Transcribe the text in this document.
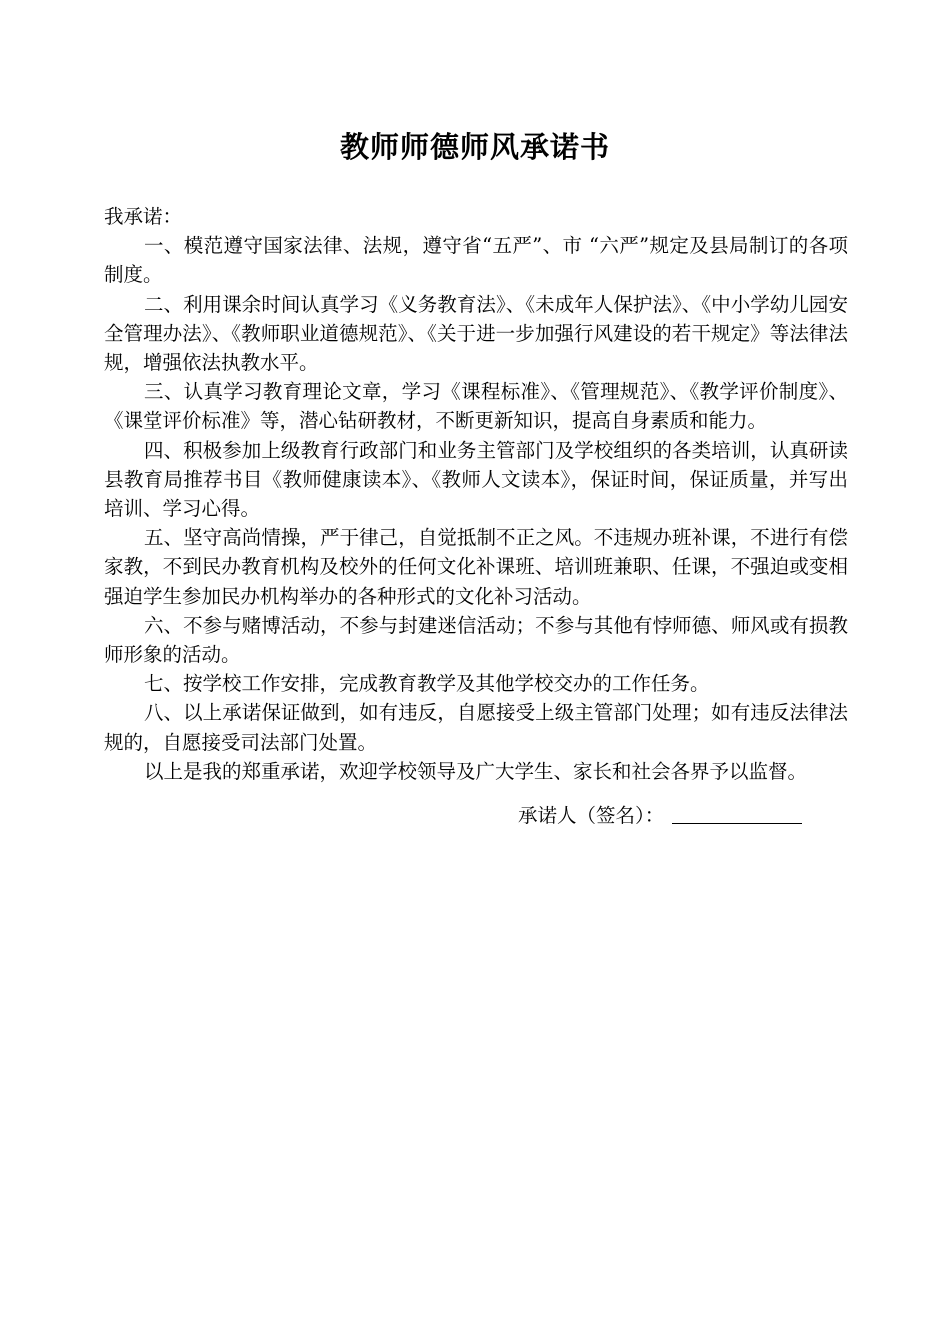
教师师德师风承诺书

我承诺：

一、模范遵守国家法律、法规，遵守省“五严”、市 “六严”规定及县局制订的各项制度。

二、利用课余时间认真学习《义务教育法》、《未成年人保护法》、《中小学幼儿园安全管理办法》、《教师职业道德规范》、《关于进一步加强行风建设的若干规定》等法律法规，增强依法执教水平。

三、认真学习教育理论文章，学习《课程标准》、《管理规范》、《教学评价制度》、《课堂评价标准》等，潜心钻研教材，不断更新知识，提高自身素质和能力。

四、积极参加上级教育行政部门和业务主管部门及学校组织的各类培训，认真研读县教育局推荐书目《教师健康读本》、《教师人文读本》，保证时间，保证质量，并写出培训、学习心得。

五、坚守高尚情操，严于律己，自觉抵制不正之风。不违规办班补课，不进行有偿家教，不到民办教育机构及校外的任何文化补课班、培训班兼职、任课，不强迫或变相强迫学生参加民办机构举办的各种形式的文化补习活动。

六、不参与赌博活动，不参与封建迷信活动；不参与其他有悖师德、师风或有损教师形象的活动。

七、按学校工作安排，完成教育教学及其他学校交办的工作任务。

八、以上承诺保证做到，如有违反，自愿接受上级主管部门处理；如有违反法律法规的，自愿接受司法部门处置。

以上是我的郑重承诺，欢迎学校领导及广大学生、家长和社会各界予以监督。

承诺人（签名）：
